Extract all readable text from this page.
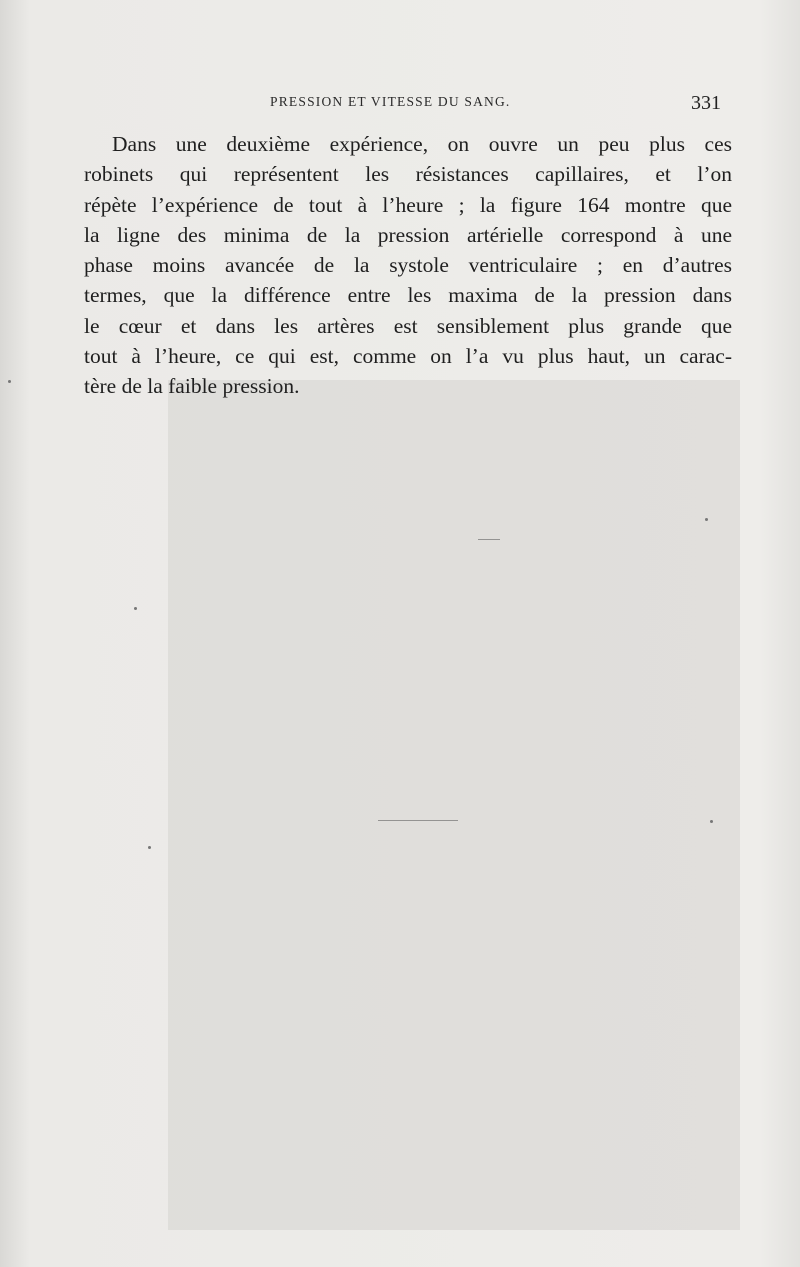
PRESSION ET VITESSE DU SANG.	331
Dans une deuxième expérience, on ouvre un peu plus ces
robinets qui représentent les résistances capillaires, et l’on
répète l’expérience de tout à l’heure ; la figure 164 montre que
la ligne des minima de la pression artérielle correspond à une
phase moins avancée de la systole ventriculaire ; en d’autres
termes, que la différence entre les maxima de la pression dans
le cœur et dans les artères est sensiblement plus grande que
tout à l’heure, ce qui est, comme on l’a vu plus haut, un carac-
tère de la faible pression.
